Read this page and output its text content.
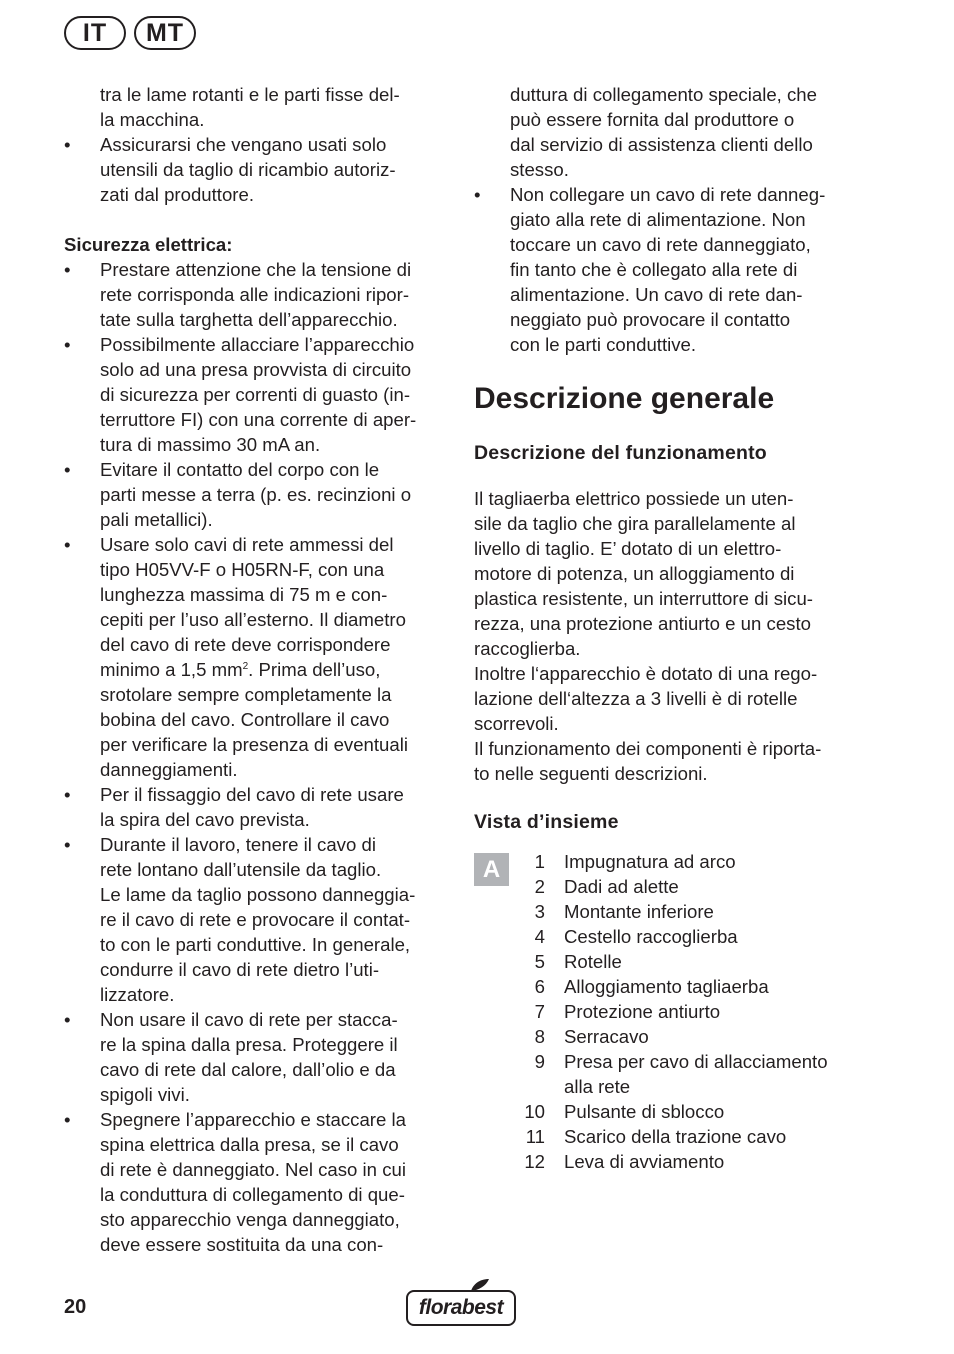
IT	MT
tra le lame rotanti e le parti fisse del-
la macchina.
• Assicurarsi che vengano usati solo
utensili da taglio di ricambio autoriz-
zati dal produttore.
Sicurezza elettrica:
• Prestare attenzione che la tensione di
rete corrisponda alle indicazioni ripor-
tate sulla targhetta dell’apparecchio.
• Possibilmente allacciare l’apparecchio
solo ad una presa provvista di circuito
di sicurezza per correnti di guasto (in-
terruttore FI) con una corrente di aper-
tura di massimo 30 mA an.
• Evitare il contatto del corpo con le
parti messe a terra (p. es. recinzioni o
pali metallici).
• Usare solo cavi di rete ammessi del
tipo H05VV-F o H05RN-F, con una
lunghezza massima di 75 m e con-
cepiti per l’uso all’esterno. Il diametro
del cavo di rete deve corrispondere
minimo a 1,5 $mm^2$. Prima dell’uso,
srotolare sempre completamente la
bobina del cavo. Controllare il cavo
per verificare la presenza di eventuali
danneggiamenti.
• Per il fissaggio del cavo di rete usare
la spira del cavo prevista.
• Durante il lavoro, tenere il cavo di
rete lontano dall’utensile da taglio.
Le lame da taglio possono danneggia-
re il cavo di rete e provocare il contat-
to con le parti conduttive. In generale,
condurre il cavo di rete dietro l’uti-
lizzatore.
• Non usare il cavo di rete per stacca-
re la spina dalla presa. Proteggere il
cavo di rete dal calore, dall’olio e da
spigoli vivi.
• Spegnere l’apparecchio e staccare la
spina elettrica dalla presa, se il cavo
di rete è danneggiato. Nel caso in cui
la conduttura di collegamento di que-
sto apparecchio venga danneggiato,
deve essere sostituita da una con-
duttura di collegamento speciale, che
può essere fornita dal produttore o
dal servizio di assistenza clienti dello
stesso.
• Non collegare un cavo di rete danneg-
giato alla rete di alimentazione. Non
toccare un cavo di rete danneggiato,
fin tanto che è collegato alla rete di
alimentazione. Un cavo di rete dan-
neggiato può provocare il contatto
con le parti conduttive.
Descrizione generale
Descrizione del funzionamento
Il tagliaerba elettrico possiede un uten-
sile da taglio che gira parallelamente al
livello di taglio. E’ dotato di un elettro-
motore di potenza, un alloggiamento di
plastica resistente, un interruttore di sicu-
rezza, una protezione antiurto e un cesto
raccoglierba.
Inoltre l‘apparecchio è dotato di una rego-
lazione dell‘altezza a 3 livelli è di rotelle
scorrevoli.
Il funzionamento dei componenti è riporta-
to nelle seguenti descrizioni.
Vista d’insieme
A	1 Impugnatura ad arco
2 Dadi ad alette
3 Montante inferiore
4 Cestello raccoglierba
5 Rotelle
6 Alloggiamento tagliaerba
7 Protezione antiurto
8 Serracavo
9 Presa per cavo di allacciamento
alla rete
10 Pulsante di sblocco
11 Scarico della trazione cavo
12 Leva di avviamento
20	florabest
